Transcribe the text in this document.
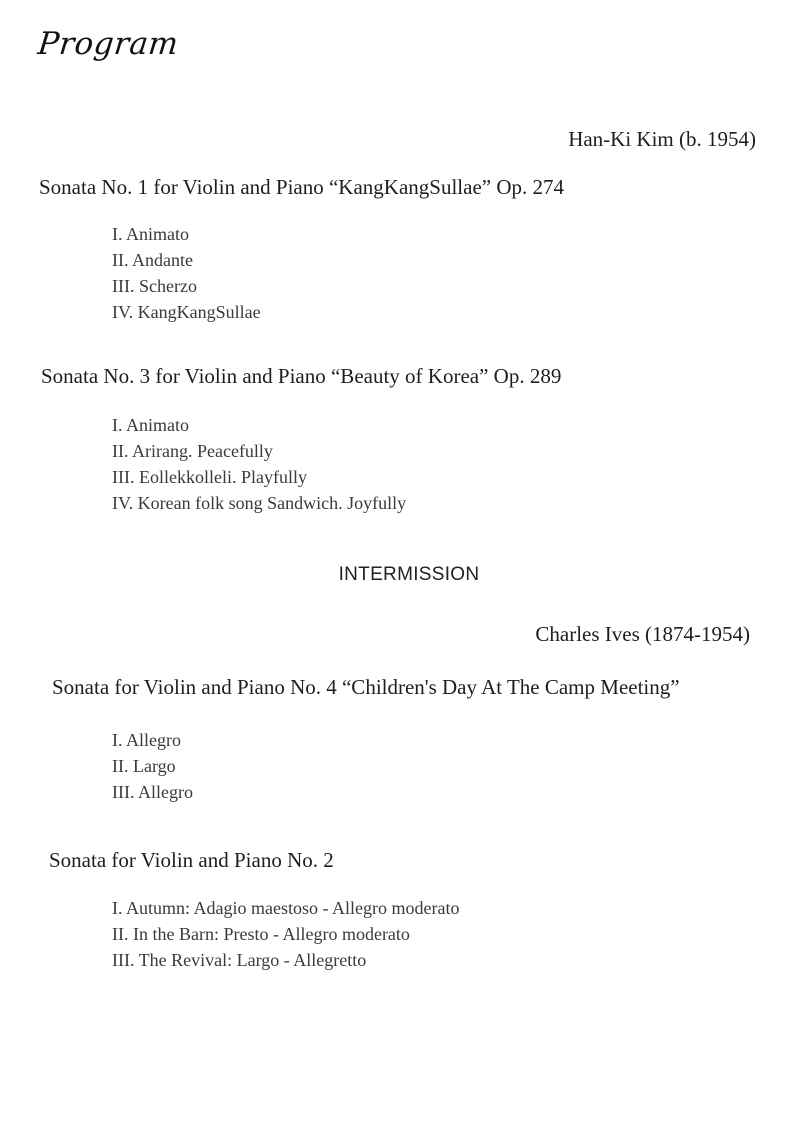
Program
Han-Ki Kim (b. 1954)
Sonata No. 1 for Violin and Piano “KangKangSullae” Op. 274
I. Animato
II. Andante
III. Scherzo
IV. KangKangSullae
Sonata No. 3 for Violin and Piano “Beauty of Korea” Op. 289
I. Animato
II. Arirang. Peacefully
III. Eollekkolleli. Playfully
IV. Korean folk song Sandwich. Joyfully
INTERMISSION
Charles Ives (1874-1954)
Sonata for Violin and Piano No. 4 “Children's Day At The Camp Meeting”
I. Allegro
II. Largo
III. Allegro
Sonata for Violin and Piano No. 2
I. Autumn: Adagio maestoso - Allegro moderato
II. In the Barn: Presto - Allegro moderato
III. The Revival: Largo - Allegretto
